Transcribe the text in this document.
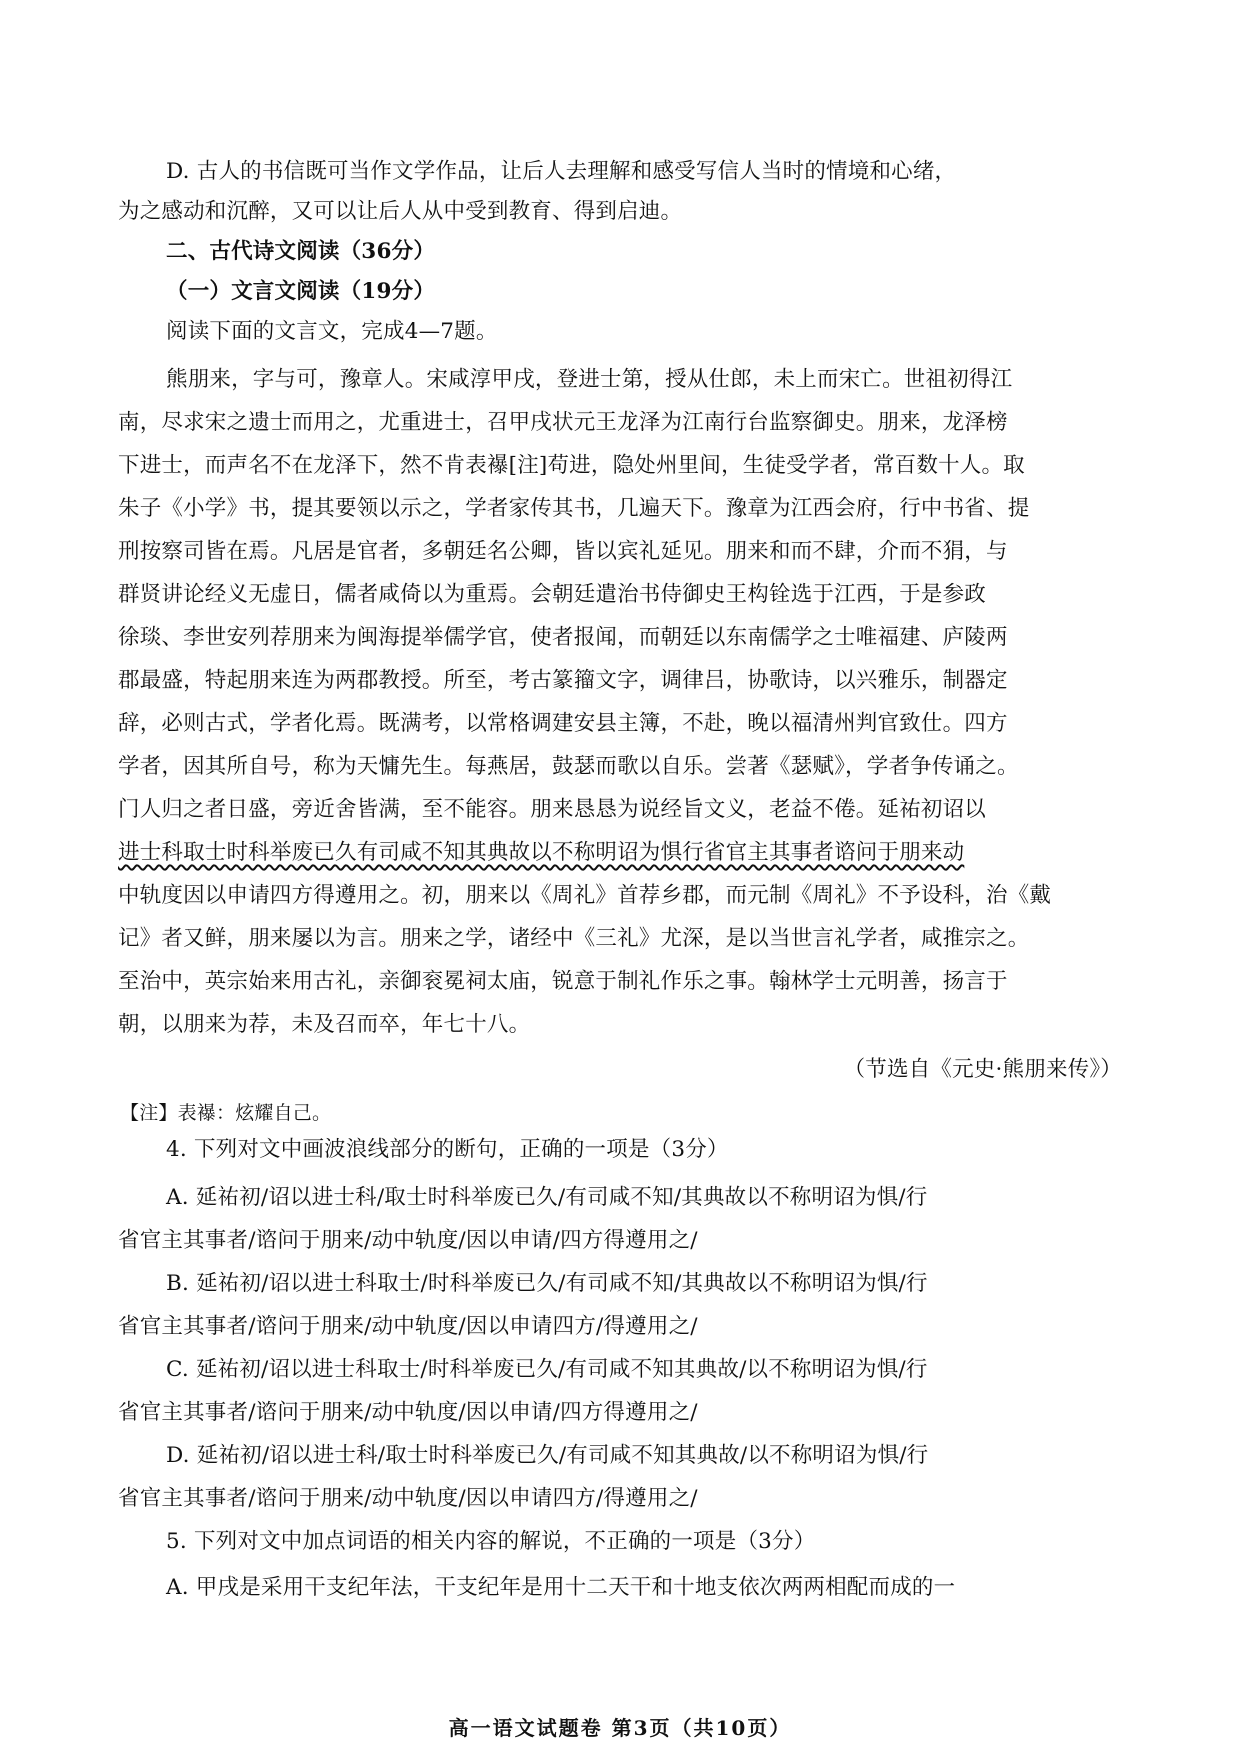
D. 古人的书信既可当作文学作品，让后人去理解和感受写信人当时的情境和心绪，

为之感动和沉醉，又可以让后人从中受到教育、得到启迪。

二、古代诗文阅读（36分）

（一）文言文阅读（19分）

阅读下面的文言文，完成4—7题。

熊朋来，字与可，豫章人。宋咸淳甲戌，登进士第，授从仕郎，未上而宋亡。世祖初得江

南，尽求宋之遗士而用之，尤重进士，召甲戌状元王龙泽为江南行台监察御史。朋来，龙泽榜

下进士，而声名不在龙泽下，然不肯表襮[注]苟进，隐处州里间，生徒受学者，常百数十人。取

朱子《小学》书，提其要领以示之，学者家传其书，几遍天下。豫章为江西会府，行中书省、提

刑按察司皆在焉。凡居是官者，多朝廷名公卿，皆以宾礼延见。朋来和而不肆，介而不狷，与

群贤讲论经义无虚日，儒者咸倚以为重焉。会朝廷遣治书侍御史王构铨选于江西，于是参政

徐琰、李世安列荐朋来为闽海提举儒学官，使者报闻，而朝廷以东南儒学之士唯福建、庐陵两

郡最盛，特起朋来连为两郡教授。所至，考古篆籀文字，调律吕，协歌诗，以兴雅乐，制器定

辞，必则古式，学者化焉。既满考，以常格调建安县主簿，不赴，晚以福清州判官致仕。四方

学者，因其所自号，称为天慵先生。每燕居，鼓瑟而歌以自乐。尝著《瑟赋》，学者争传诵之。

门人归之者日盛，旁近舍皆满，至不能容。朋来恳恳为说经旨文义，老益不倦。延祐初诏以

进士科取士时科举废已久有司咸不知其典故以不称明诏为惧行省官主其事者谘问于朋来动

中轨度因以申请四方得遵用之。初，朋来以《周礼》首荐乡郡，而元制《周礼》不予设科，治《戴

记》者又鲜，朋来屡以为言。朋来之学，诸经中《三礼》尤深，是以当世言礼学者，咸推宗之。

至治中，英宗始来用古礼，亲御衮冕祠太庙，锐意于制礼作乐之事。翰林学士元明善，扬言于

朝，以朋来为荐，未及召而卒，年七十八。

（节选自《元史·熊朋来传》）

【注】表襮：炫耀自己。

4. 下列对文中画波浪线部分的断句，正确的一项是（3分）

A. 延祐初/诏以进士科/取士时科举废已久/有司咸不知/其典故以不称明诏为惧/行

省官主其事者/谘问于朋来/动中轨度/因以申请/四方得遵用之/

B. 延祐初/诏以进士科取士/时科举废已久/有司咸不知/其典故以不称明诏为惧/行

省官主其事者/谘问于朋来/动中轨度/因以申请四方/得遵用之/

C. 延祐初/诏以进士科取士/时科举废已久/有司咸不知其典故/以不称明诏为惧/行

省官主其事者/谘问于朋来/动中轨度/因以申请/四方得遵用之/

D. 延祐初/诏以进士科/取士时科举废已久/有司咸不知其典故/以不称明诏为惧/行

省官主其事者/谘问于朋来/动中轨度/因以申请四方/得遵用之/

5. 下列对文中加点词语的相关内容的解说，不正确的一项是（3分）

A. 甲戌是采用干支纪年法，干支纪年是用十二天干和十地支依次两两相配而成的一

高一语文试题卷 第3页（共10页）
